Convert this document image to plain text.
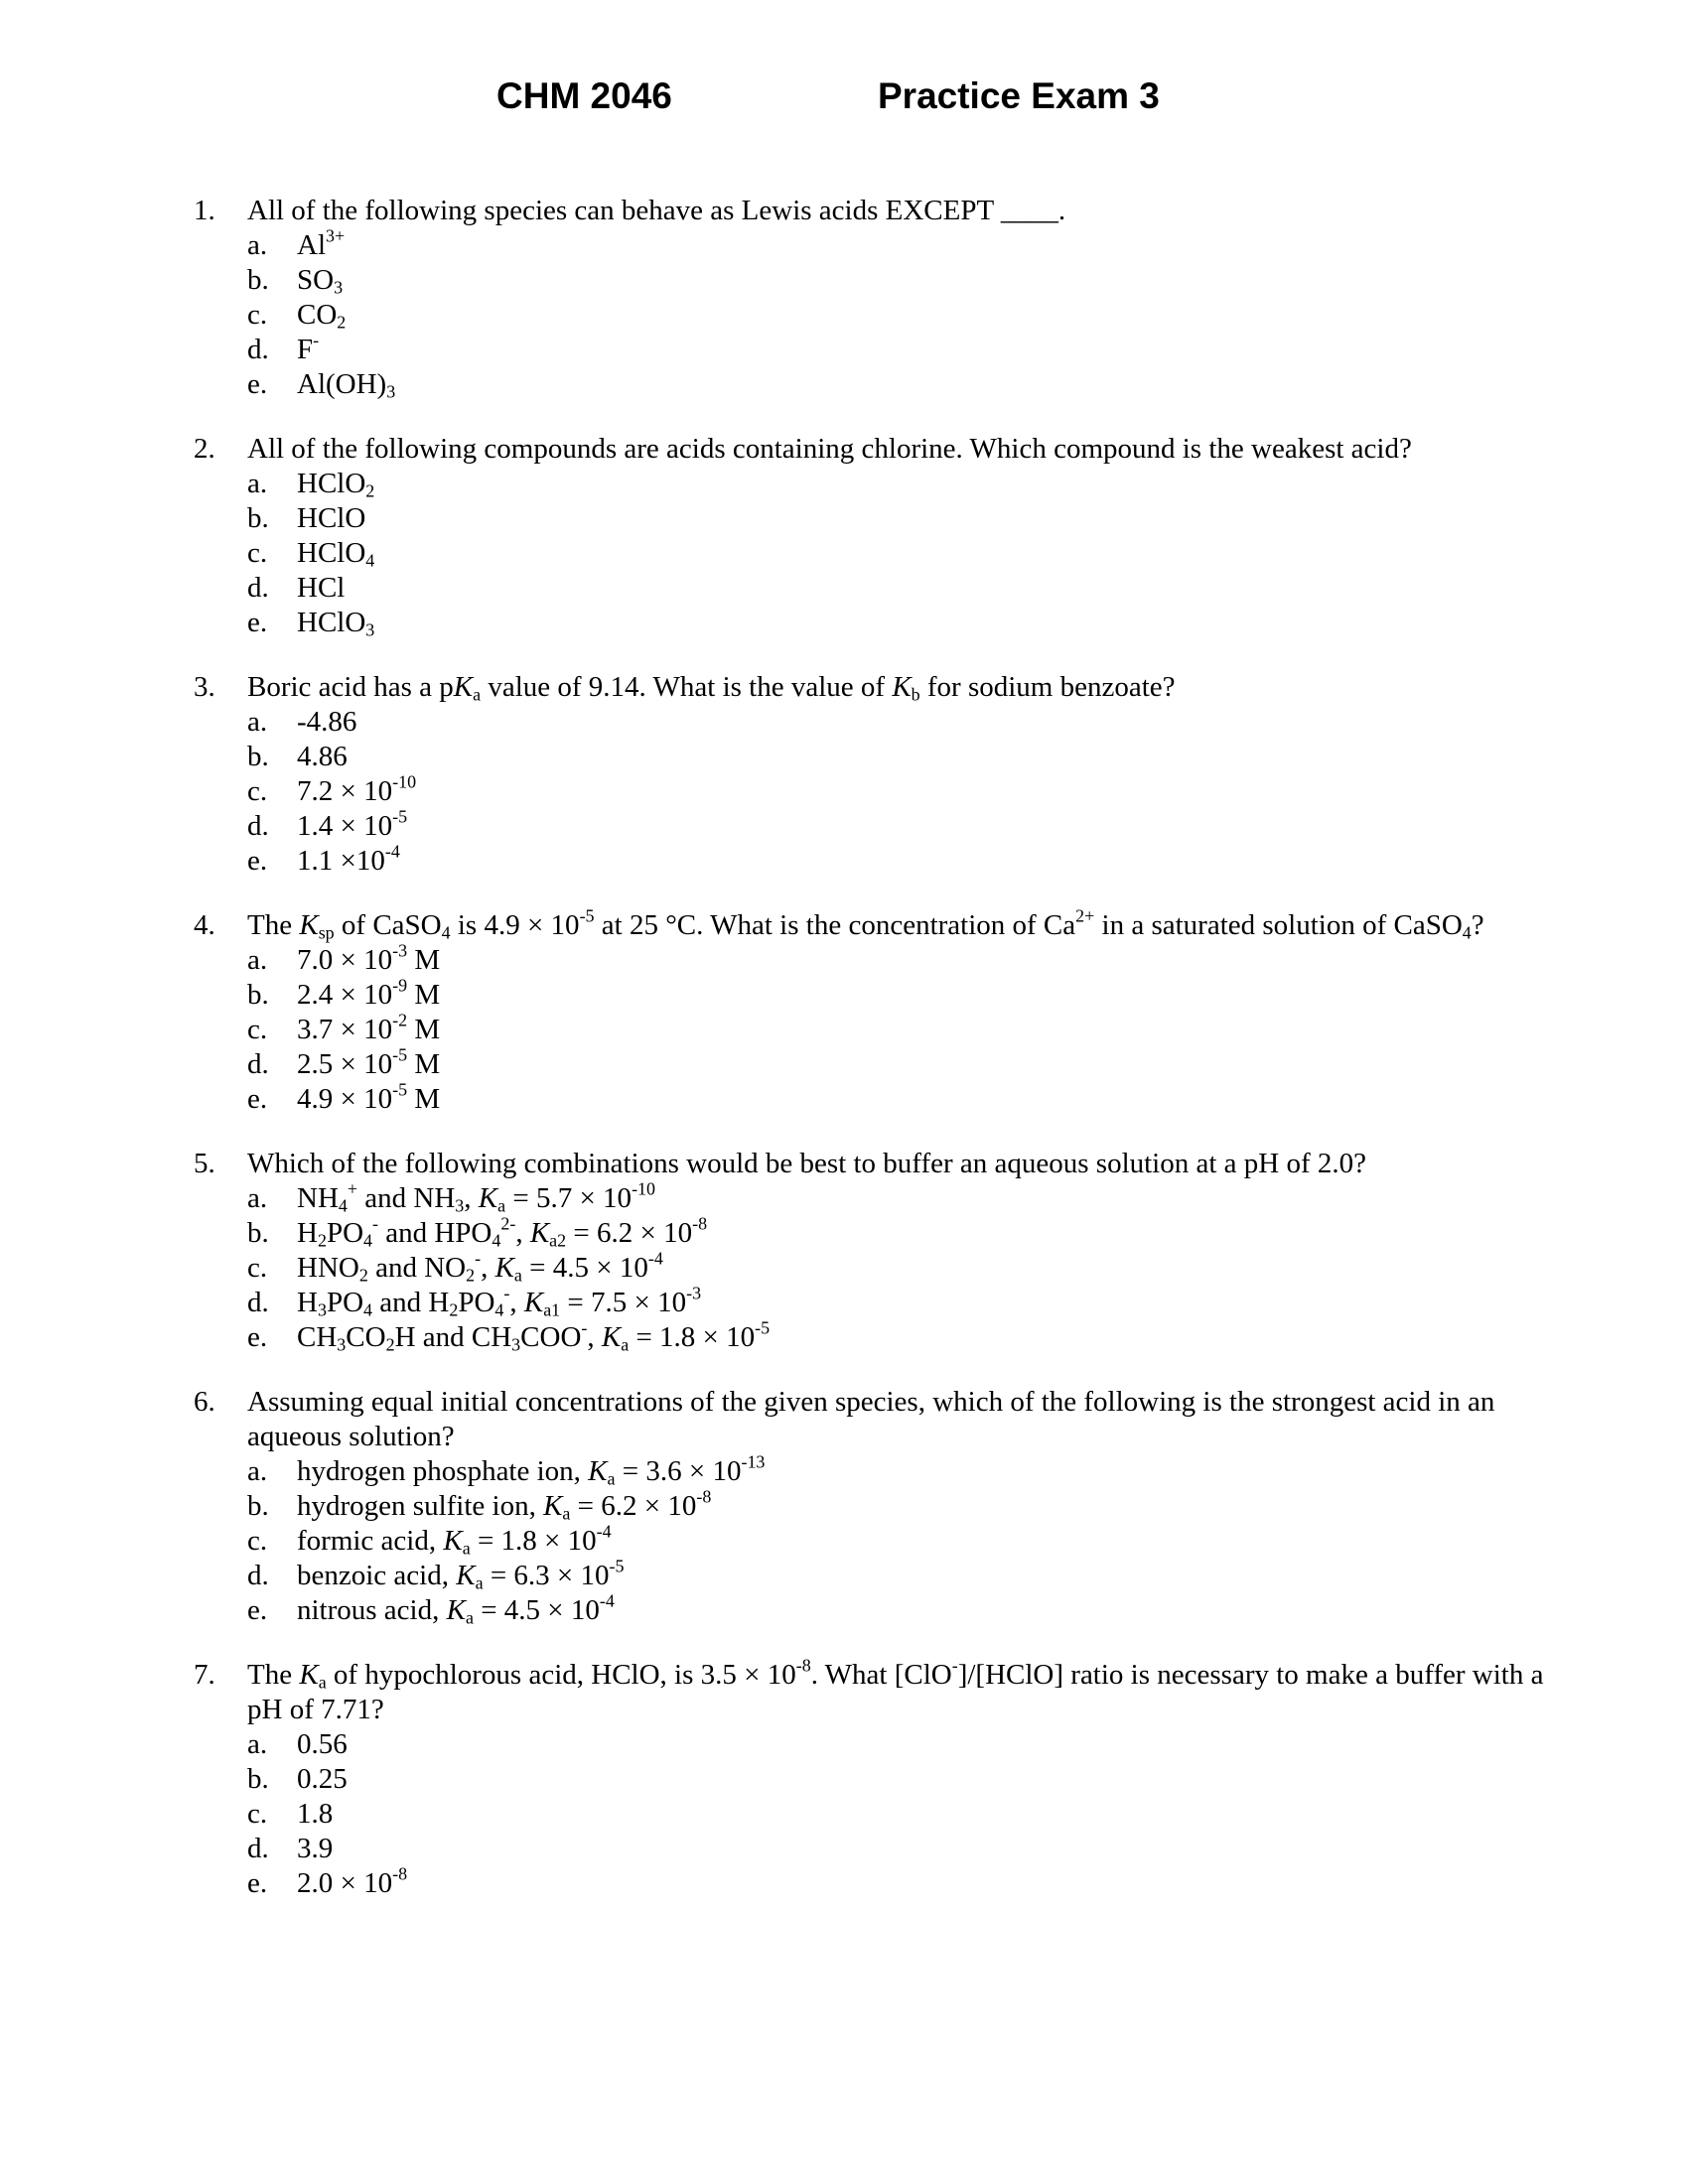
CHM 2046	Practice Exam 3
1. All of the following species can behave as Lewis acids EXCEPT ____.
a. $Al^{3+}$
b. $SO_3$
c. $CO_2$
d. F-
e. $Al(OH)_3$
2. All of the following compounds are acids containing chlorine. Which compound is the weakest acid?
a. HClO$_2$
b. HClO
c. HClO$_4$
d. HCl
e. HClO$_3$
3. Boric acid has a $pK_a$ value of 9.14. What is the value of $K_b$ for sodium benzoate?
a. -4.86
b. 4.86
c. $7.2 \times 10^{-10}$
d. $1.4 \times 10^{-5}$
e. $1.1 \times 10^{-4}$
4. The $K_{sp}$ of CaSO$_4$ is $4.9 \times 10^{-5}$ at 25 °C. What is the concentration of $Ca^{2+}$ in a saturated solution of CaSO$_4$?
a. $7.0 \times 10^{-3}$ M
b. $2.4 \times 10^{-9}$ M
c. $3.7 \times 10^{-2}$ M
d. $2.5 \times 10^{-5}$ M
e. $4.9 \times 10^{-5}$ M
5. Which of the following combinations would be best to buffer an aqueous solution at a pH of 2.0?
a. $NH_4^+$ and $NH_3$, $K_a = 5.7 \times 10^{-10}$
b. $H_2PO_4^-$ and $HPO_4^{2-}$, $K_{a2} = 6.2 \times 10^{-8}$
c. $HNO_2$ and $NO_2^-$, $K_a = 4.5 \times 10^{-4}$
d. $H_3PO_4$ and $H_2PO_4^-$, $K_{a1} = 7.5 \times 10^{-3}$
e. $CH_3CO_2H$ and $CH_3COO^-$, $K_a = 1.8 \times 10^{-5}$
6. Assuming equal initial concentrations of the given species, which of the following is the strongest acid in an aqueous solution?
a. hydrogen phosphate ion, $K_a = 3.6 \times 10^{-13}$
b. hydrogen sulfite ion, $K_a = 6.2 \times 10^{-8}$
c. formic acid, $K_a = 1.8 \times 10^{-4}$
d. benzoic acid, $K_a = 6.3 \times 10^{-5}$
e. nitrous acid, $K_a = 4.5 \times 10^{-4}$
7. The $K_a$ of hypochlorous acid, HClO, is $3.5 \times 10^{-8}$. What [ClO-]/[HClO] ratio is necessary to make a buffer with a pH of 7.71?
a. 0.56
b. 0.25
c. 1.8
d. 3.9
e. $2.0 \times 10^{-8}$
